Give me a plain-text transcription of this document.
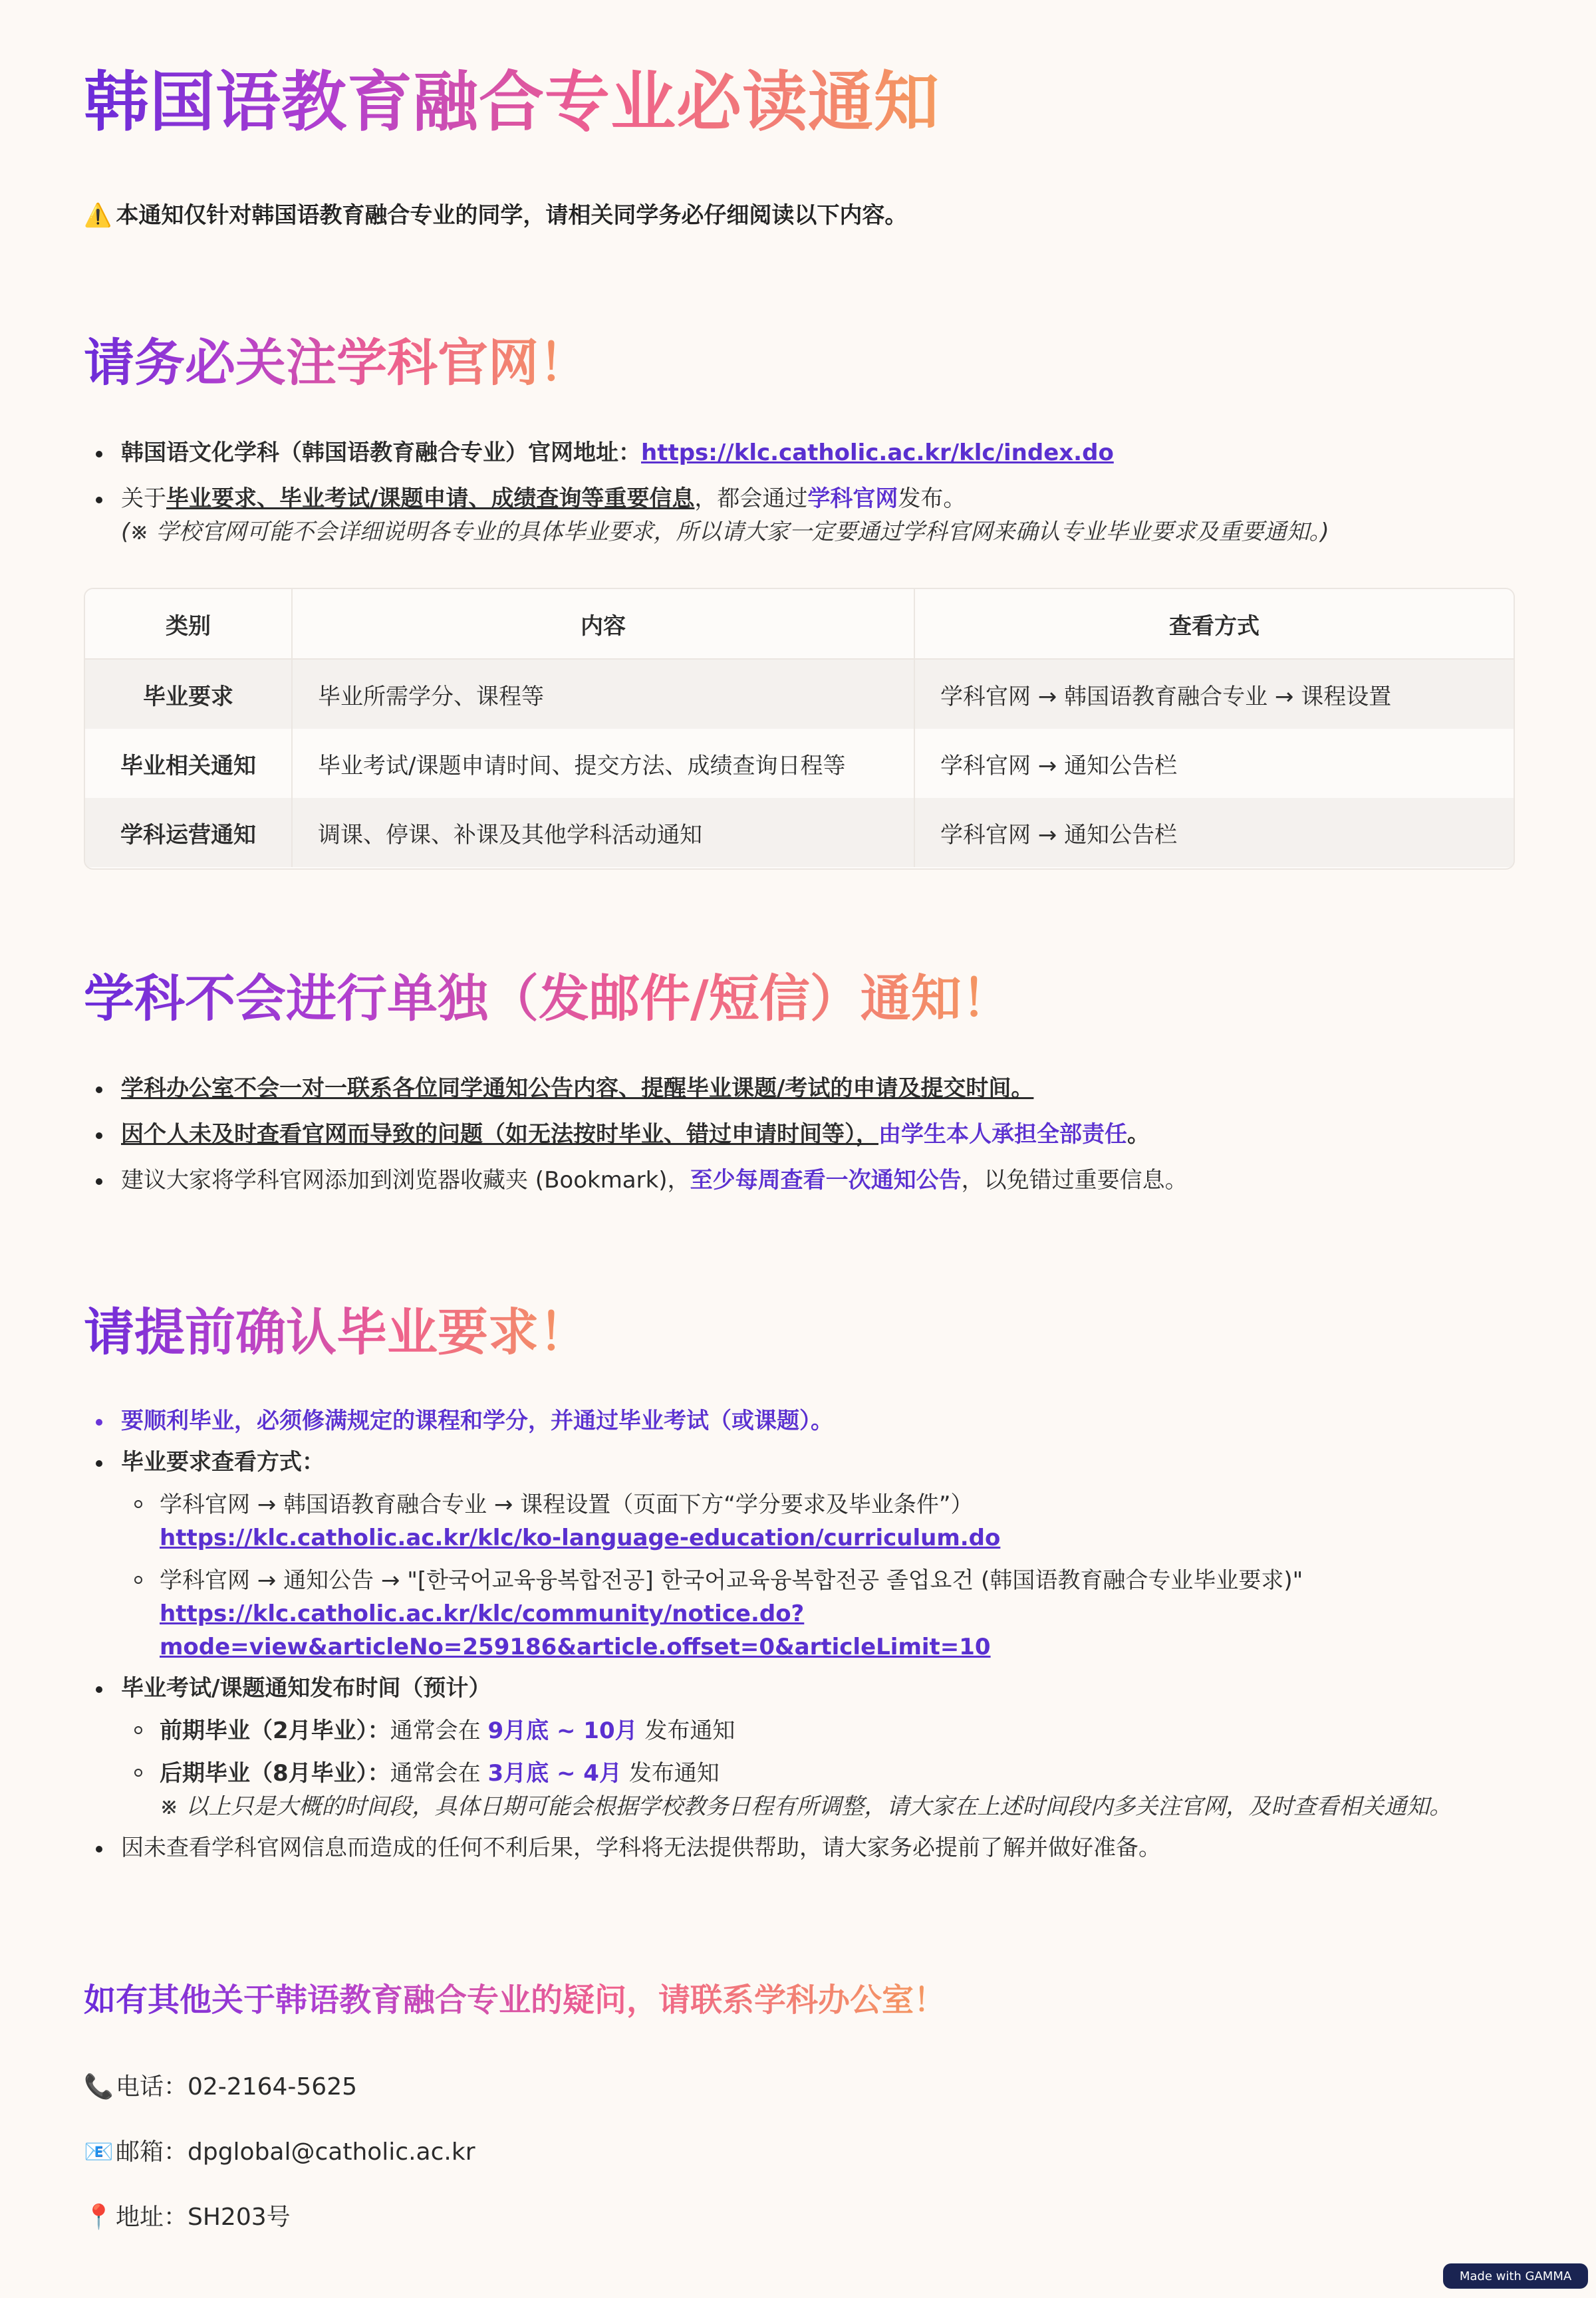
韩国语教育融合专业必读通知
⚠️ 本通知仅针对韩国语教育融合专业的同学，请相关同学务必仔细阅读以下内容。
请务必关注学科官网！
韩国语文化学科（韩国语教育融合专业）官网地址：https://klc.catholic.ac.kr/klc/index.do
关于毕业要求、毕业考试/课题申请、成绩查询等重要信息，都会通过学科官网发布。
(※ 学校官网可能不会详细说明各专业的具体毕业要求，所以请大家一定要通过学科官网来确认专业毕业要求及重要通知。)
类别	内容	查看方式
毕业要求	毕业所需学分、课程等	学科官网 → 韩国语教育融合专业 → 课程设置
毕业相关通知	毕业考试/课题申请时间、提交方法、成绩查询日程等	学科官网 → 通知公告栏
学科运营通知	调课、停课、补课及其他学科活动通知	学科官网 → 通知公告栏
学科不会进行单独（发邮件/短信）通知！
学科办公室不会一对一联系各位同学通知公告内容、提醒毕业课题/考试的申请及提交时间。
因个人未及时查看官网而导致的问题（如无法按时毕业、错过申请时间等），由学生本人承担全部责任。
建议大家将学科官网添加到浏览器收藏夹 (Bookmark)，至少每周查看一次通知公告，以免错过重要信息。
请提前确认毕业要求！
要顺利毕业，必须修满规定的课程和学分，并通过毕业考试（或课题）。
毕业要求查看方式：
学科官网 → 韩国语教育融合专业 → 课程设置（页面下方“学分要求及毕业条件”）
https://klc.catholic.ac.kr/klc/ko-language-education/curriculum.do
学科官网 → 通知公告 → "[한국어교육융복합전공] 한국어교육융복합전공 졸업요건 (韩国语教育融合专业毕业要求)"
https://klc.catholic.ac.kr/klc/community/notice.do?mode=view&articleNo=259186&article.offset=0&articleLimit=10
毕业考试/课题通知发布时间（预计）
前期毕业（2月毕业）：通常会在 9月底 ~ 10月 发布通知
后期毕业（8月毕业）：通常会在 3月底 ~ 4月 发布通知
※ 以上只是大概的时间段，具体日期可能会根据学校教务日程有所调整，请大家在上述时间段内多关注官网，及时查看相关通知。
因未查看学科官网信息而造成的任何不利后果，学科将无法提供帮助，请大家务必提前了解并做好准备。
如有其他关于韩语教育融合专业的疑问，请联系学科办公室！
📞电话：02-2164-5625
📧邮箱：dpglobal@catholic.ac.kr
📍地址：SH203号
Made with GAMMA
